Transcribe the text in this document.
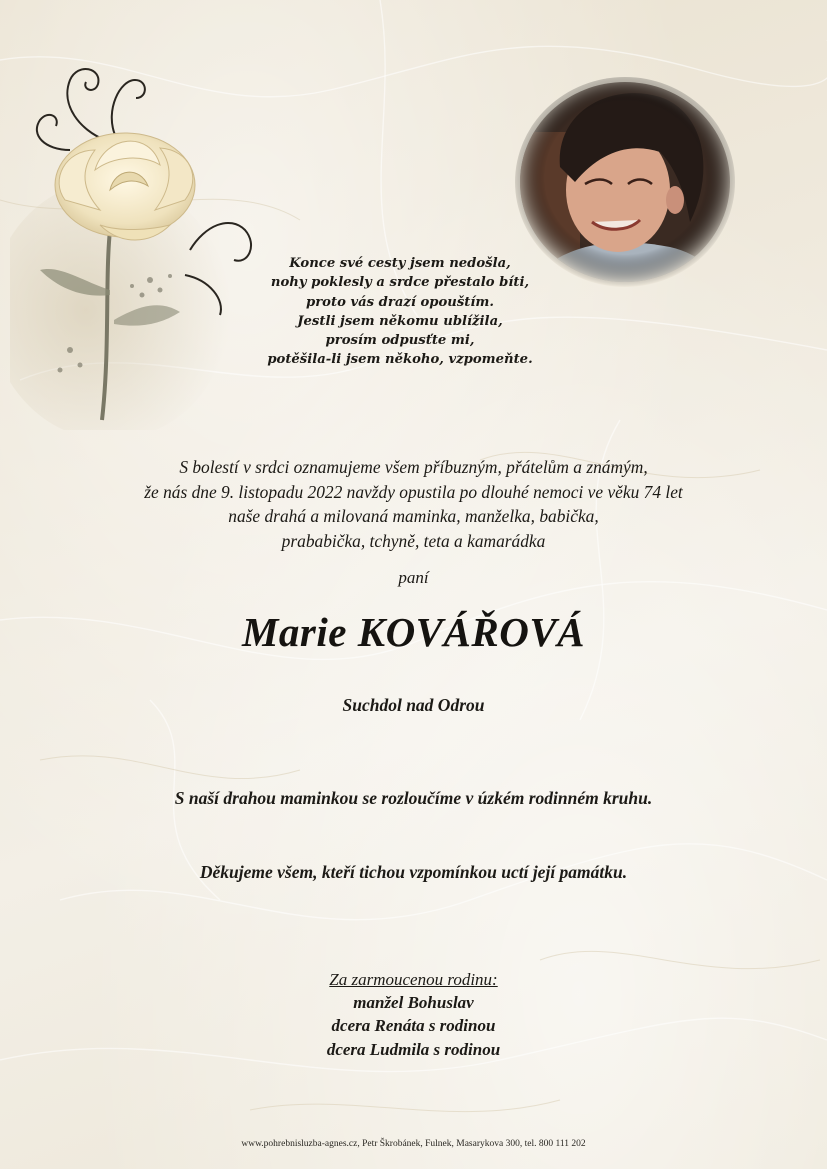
Konce své cesty jsem nedošla,
nohy poklesly a srdce přestalo bíti,
proto vás drazí opouštím.
Jestli jsem někomu ublížila,
prosím odpusťte mi,
potěšila-li jsem někoho, vzpomeňte.
S bolestí v srdci oznamujeme všem příbuzným, přátelům a známým,
že nás dne 9. listopadu 2022 navždy opustila po dlouhé nemoci ve věku 74 let
naše drahá a milovaná maminka, manželka, babička,
prababička, tchyně, teta a kamarádka
paní
Marie KOVÁŘOVÁ
Suchdol nad Odrou
S naší drahou maminkou se rozloučíme v úzkém rodinném kruhu.
Děkujeme všem, kteří tichou vzpomínkou uctí její památku.
Za zarmoucenou rodinu:
manžel Bohuslav
dcera Renáta s rodinou
dcera Ludmila s rodinou
www.pohrebnisluzba-agnes.cz, Petr Škrobánek, Fulnek, Masarykova 300, tel. 800 111 202
